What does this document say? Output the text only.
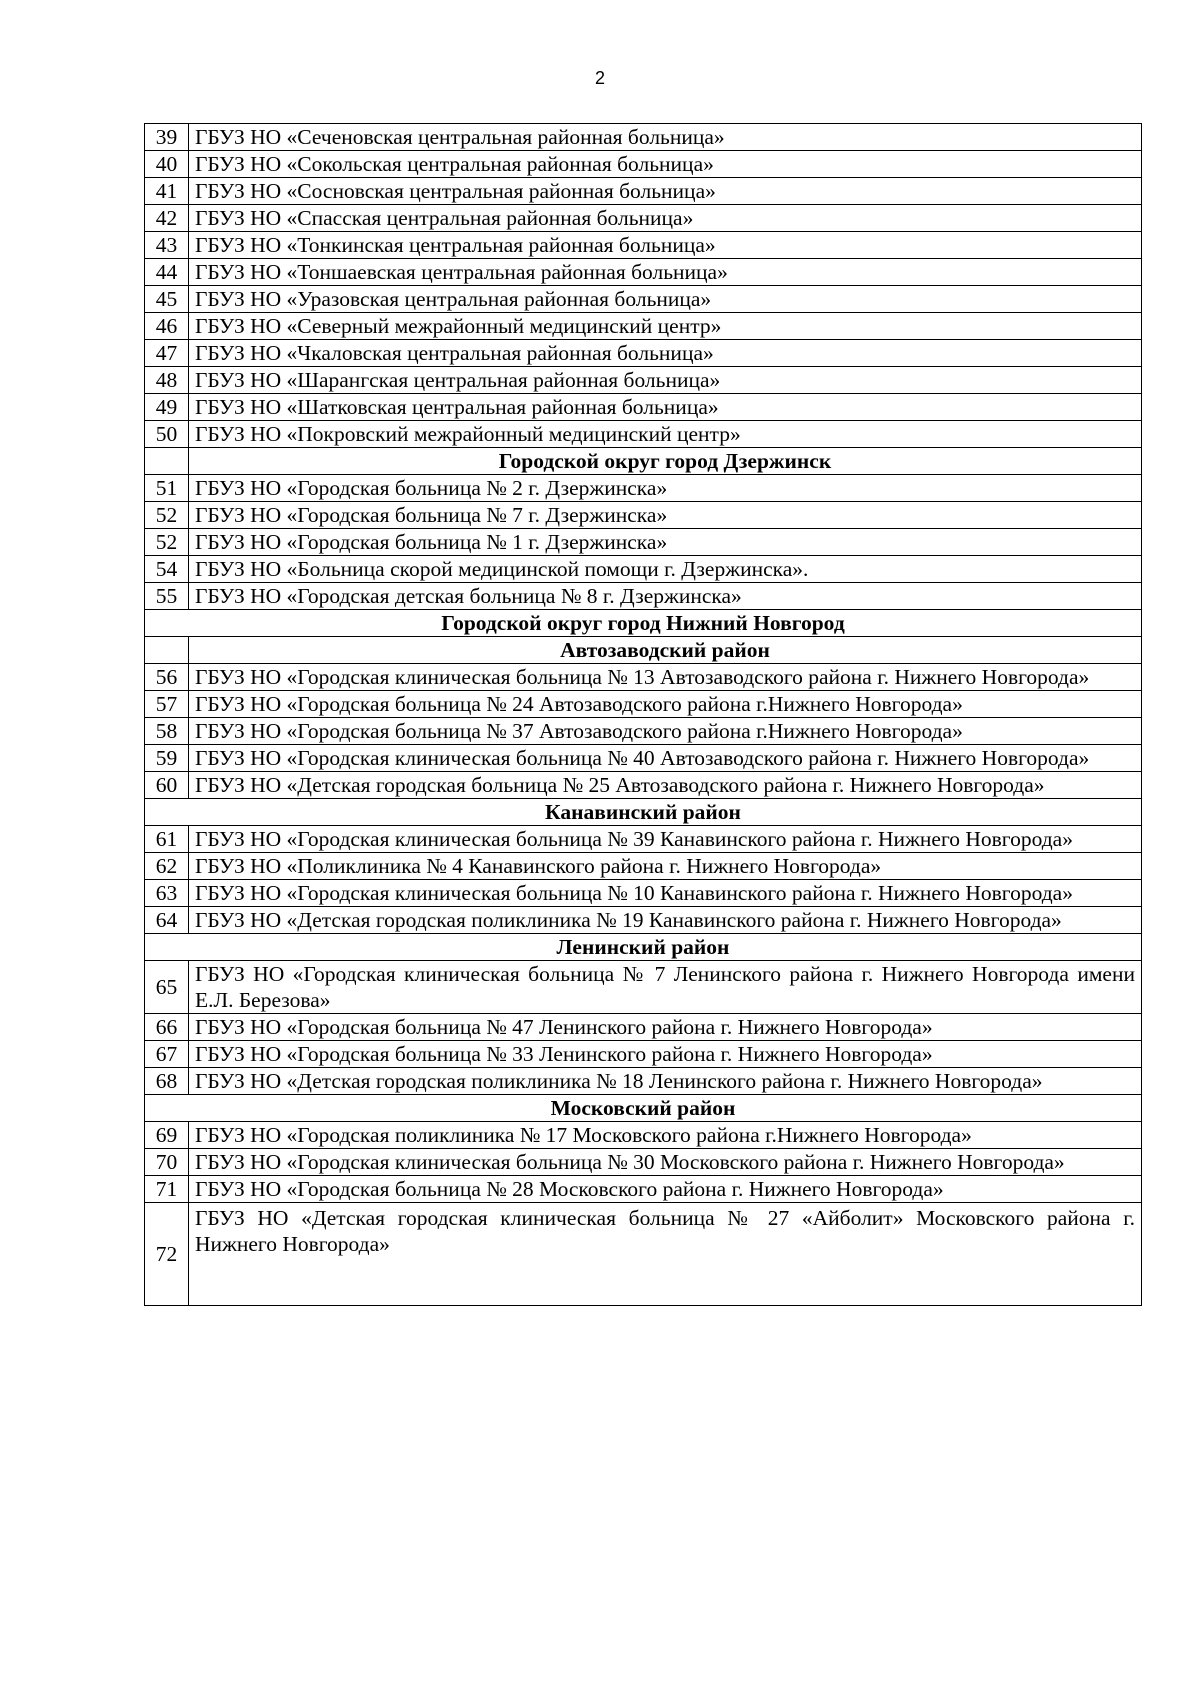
2
39	ГБУЗ НО «Сеченовская центральная районная больница»
40	ГБУЗ НО «Сокольская центральная районная больница»
41	ГБУЗ НО «Сосновская центральная районная больница»
42	ГБУЗ НО «Спасская центральная районная больница»
43	ГБУЗ НО «Тонкинская центральная районная больница»
44	ГБУЗ НО «Тоншаевская центральная районная больница»
45	ГБУЗ НО «Уразовская центральная районная больница»
46	ГБУЗ НО «Северный межрайонный медицинский центр»
47	ГБУЗ НО «Чкаловская центральная районная больница»
48	ГБУЗ НО «Шарангская центральная районная больница»
49	ГБУЗ НО «Шатковская центральная районная больница»
50	ГБУЗ НО «Покровский межрайонный медицинский центр»
	Городской округ город Дзержинск
51	ГБУЗ НО «Городская больница № 2 г. Дзержинска»
52	ГБУЗ НО «Городская больница № 7 г. Дзержинска»
52	ГБУЗ НО «Городская больница № 1 г. Дзержинска»
54	ГБУЗ НО «Больница скорой медицинской помощи г. Дзержинска».
55	ГБУЗ НО «Городская детская больница № 8 г. Дзержинска»
Городской округ город Нижний Новгород	
	Автозаводский район
56	ГБУЗ НО «Городская клиническая больница № 13 Автозаводского района г. Нижнего Новгорода»
57	ГБУЗ НО «Городская больница № 24 Автозаводского района г.Нижнего Новгорода»
58	ГБУЗ НО «Городская больница № 37 Автозаводского района г.Нижнего Новгорода»
59	ГБУЗ НО «Городская клиническая больница № 40 Автозаводского района г. Нижнего Новгорода»
60	ГБУЗ НО «Детская городская больница № 25 Автозаводского района г. Нижнего Новгорода»
Канавинский район	
61	ГБУЗ НО «Городская клиническая больница № 39 Канавинского района г. Нижнего Новгорода»
62	ГБУЗ НО «Поликлиника № 4 Канавинского района г. Нижнего Новгорода»
63	ГБУЗ НО «Городская клиническая больница № 10 Канавинского района г. Нижнего Новгорода»
64	ГБУЗ НО «Детская городская поликлиника № 19 Канавинского района г. Нижнего Новгорода»
Ленинский район	
65	ГБУЗ НО «Городская клиническая больница № 7 Ленинского района г. Нижнего Новгорода имени Е.Л. Березова»
66	ГБУЗ НО «Городская больница № 47 Ленинского района г. Нижнего Новгорода»
67	ГБУЗ НО «Городская больница № 33 Ленинского района г. Нижнего Новгорода»
68	ГБУЗ НО «Детская городская поликлиника № 18 Ленинского района г. Нижнего Новгорода»
Московский район	
69	ГБУЗ НО «Городская поликлиника № 17 Московского района г.Нижнего Новгорода»
70	ГБУЗ НО «Городская клиническая больница № 30 Московского района г. Нижнего Новгорода»
71	ГБУЗ НО «Городская больница № 28 Московского района г. Нижнего Новгорода»
72	ГБУЗ НО «Детская городская клиническая больница № 27 «Айболит» Московского района г. Нижнего Новгорода»
